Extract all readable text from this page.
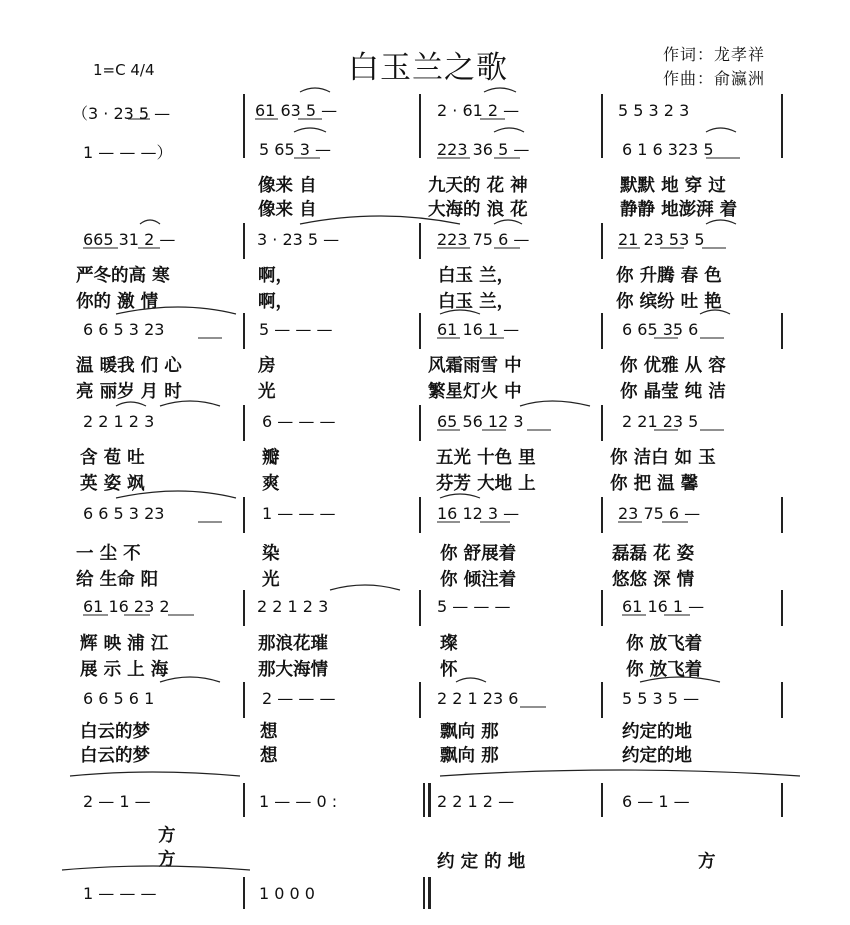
1=C 4/4	白玉兰之歌	作词：龙孝祥
作曲：俞瀛洲
（3 · 23 5 —	61 63 5 —	2 · 61 2 —	5 5 3 2 3
1 — — —）	5 65 3 —	223 36 5 —	6 1 6 323 5
像来 自	九天的 花 神	默默 地 穿 过
像来 自	大海的 浪 花	静静 地澎湃 着
665 31 2 —	3 · 23 5 —	223 75 6 —	21 23 53 5
严冬的高 寒	啊，	白玉 兰，	你 升腾 春 色
你的 激 情	啊，	白玉 兰，	你 缤纷 吐 艳
6 6 5 3 23	5 — — —	61 16 1 —	6 65 35 6
温 暖我 们 心	房	风霜雨雪 中	你 优雅 从 容
亮 丽岁 月 时	光	繁星灯火 中	你 晶莹 纯 洁
2 2 1 2 3	6 — — —	65 56 12 3	2 21 23 5
含 苞 吐	瓣	五光 十色 里	你 洁白 如 玉
英 姿 飒	爽	芬芳 大地 上	你 把 温 馨
6 6 5 3 23	1 — — —	16 12 3 —	23 75 6 —
一 尘 不	染	你 舒展着	磊磊 花 姿
给 生命 阳	光	你 倾注着	悠悠 深 情
61 16 23 2	2 2 1 2 3	5 — — —	61 16 1 —
辉 映 浦 江	那浪花璀	璨	你 放飞着
展 示 上 海	那大海情	怀	你 放飞着
6 6 5 6 1	2 — — —	2 2 1 23 6	5 5 3 5 —
白云的梦	想	飘向 那	约定的地
白云的梦	想	飘向 那	约定的地
2 — 1 —	1 — — 0 :	2 2 1 2 —	6 — 1 —
方
方	约 定 的 地	方
1 — — —	1 0 0 0
